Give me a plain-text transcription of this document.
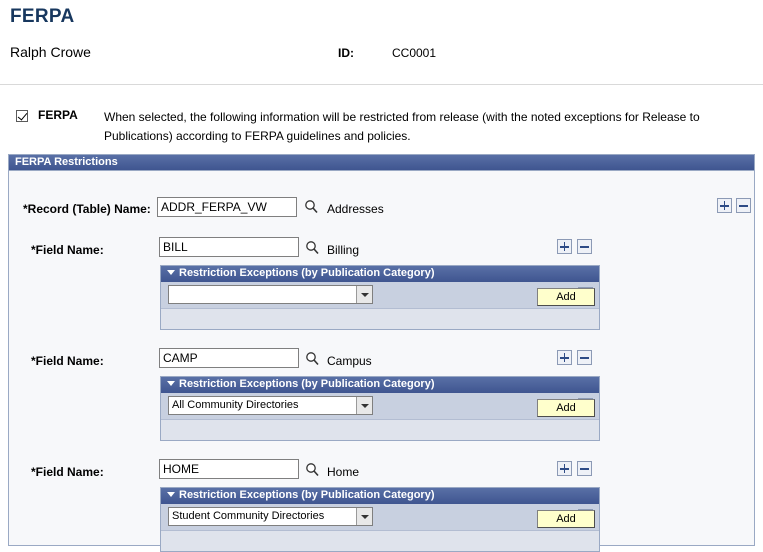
FERPA
Ralph Crowe	ID:	CC0001
FERPA When selected, the following information will be restricted from release (with the noted exceptions for Release to Publications) according to FERPA guidelines and policies.
FERPA Restrictions
*Record (Table) Name:
ADDR_FERPA_VW	Addresses
*Field Name:
BILL	Billing
Restriction Exceptions (by Publication Category)
Add
*Field Name:
CAMP	Campus
Restriction Exceptions (by Publication Category)
All Community Directories	Add
*Field Name:
HOME	Home
Restriction Exceptions (by Publication Category)
Student Community Directories	Add
